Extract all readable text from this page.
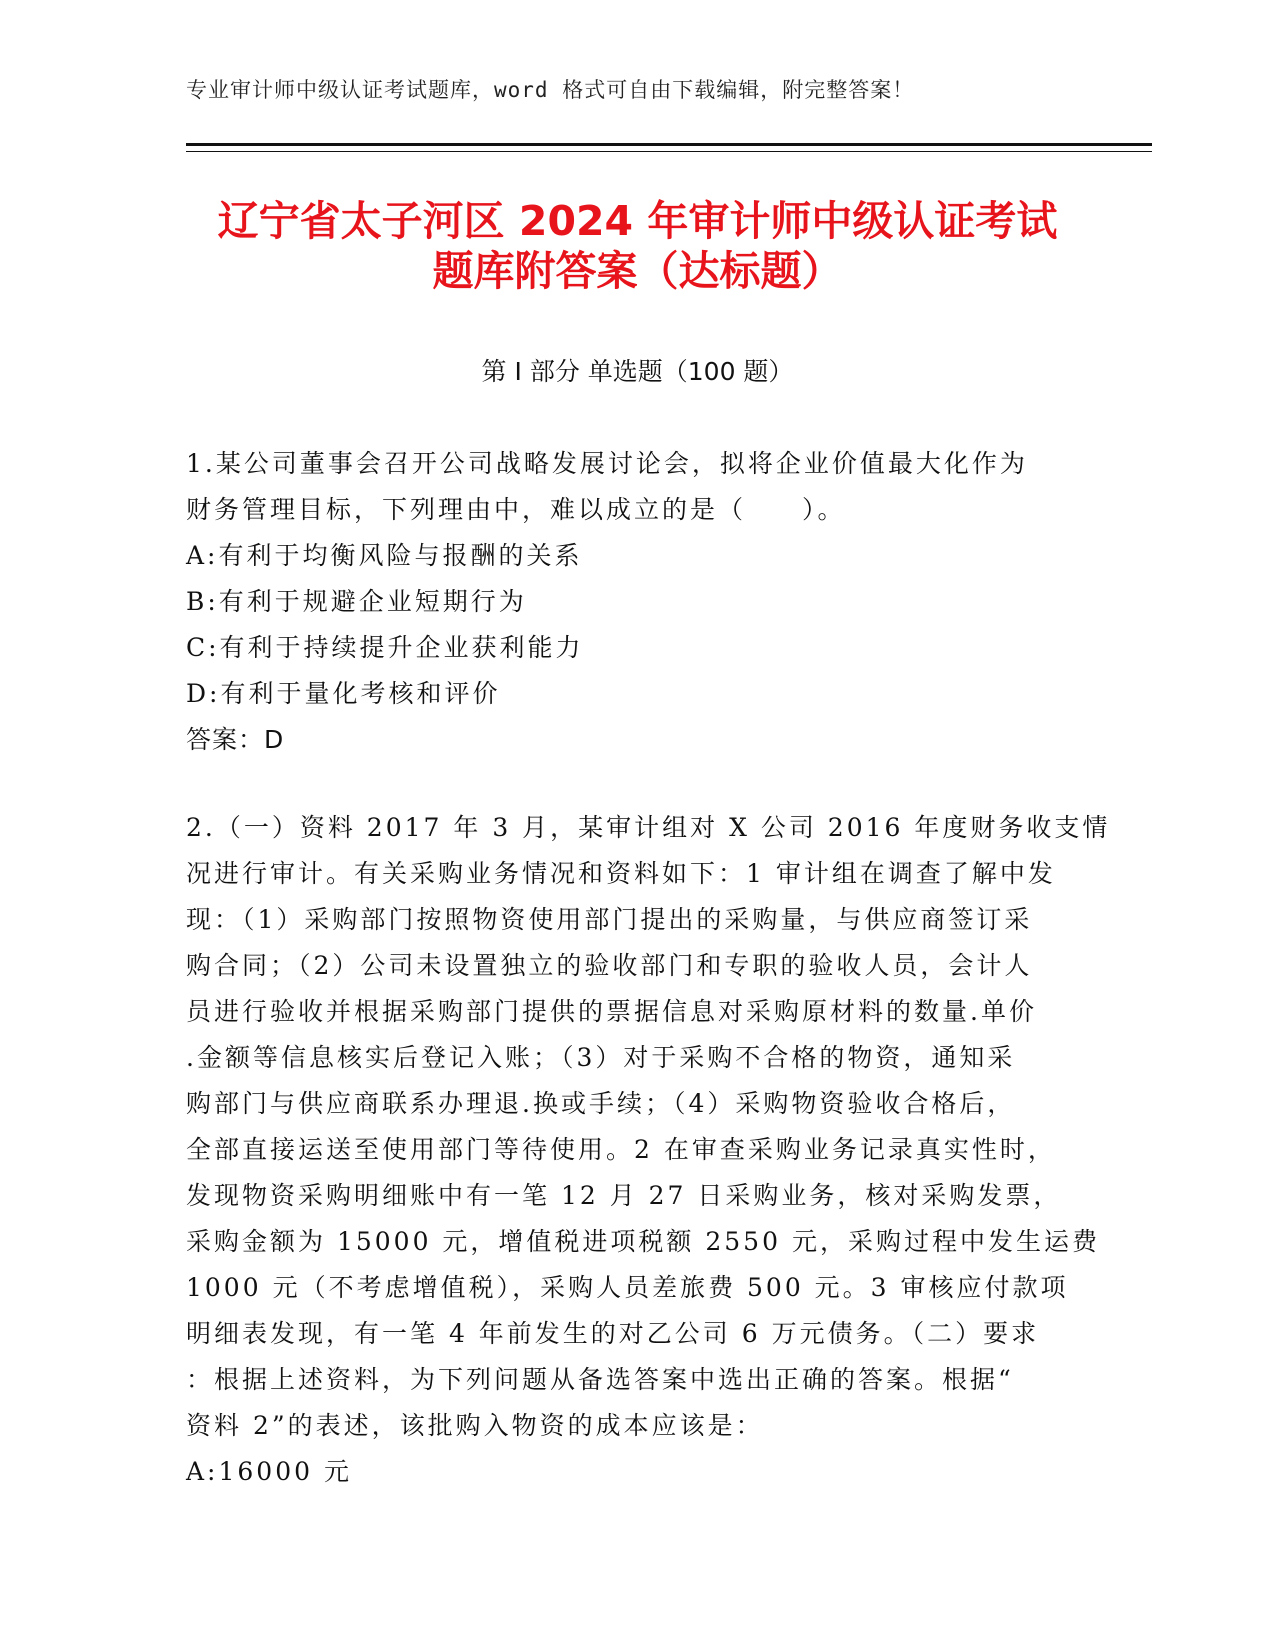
专业审计师中级认证考试题库，word 格式可自由下载编辑，附完整答案！
辽宁省太子河区 2024 年审计师中级认证考试
题库附答案（达标题）
第 I 部分 单选题（100 题）
1.某公司董事会召开公司战略发展讨论会，拟将企业价值最大化作为
财务管理目标，下列理由中，难以成立的是（　　）。
A:有利于均衡风险与报酬的关系
B:有利于规避企业短期行为
C:有利于持续提升企业获利能力
D:有利于量化考核和评价
答案：D
2.（一）资料 2017 年 3 月，某审计组对 X 公司 2016 年度财务收支情
况进行审计。有关采购业务情况和资料如下：1 审计组在调查了解中发
现：（1）采购部门按照物资使用部门提出的采购量，与供应商签订采
购合同；（2）公司未设置独立的验收部门和专职的验收人员，会计人
员进行验收并根据采购部门提供的票据信息对采购原材料的数量.单价
.金额等信息核实后登记入账；（3）对于采购不合格的物资，通知采
购部门与供应商联系办理退.换或手续；（4）采购物资验收合格后，
全部直接运送至使用部门等待使用。2 在审查采购业务记录真实性时，
发现物资采购明细账中有一笔 12 月 27 日采购业务，核对采购发票，
采购金额为 15000 元，增值税进项税额 2550 元，采购过程中发生运费
1000 元（不考虑增值税），采购人员差旅费 500 元。3 审核应付款项
明细表发现，有一笔 4 年前发生的对乙公司 6 万元债务。（二）要求
：根据上述资料，为下列问题从备选答案中选出正确的答案。根据“
资料 2”的表述，该批购入物资的成本应该是：
A:16000 元
